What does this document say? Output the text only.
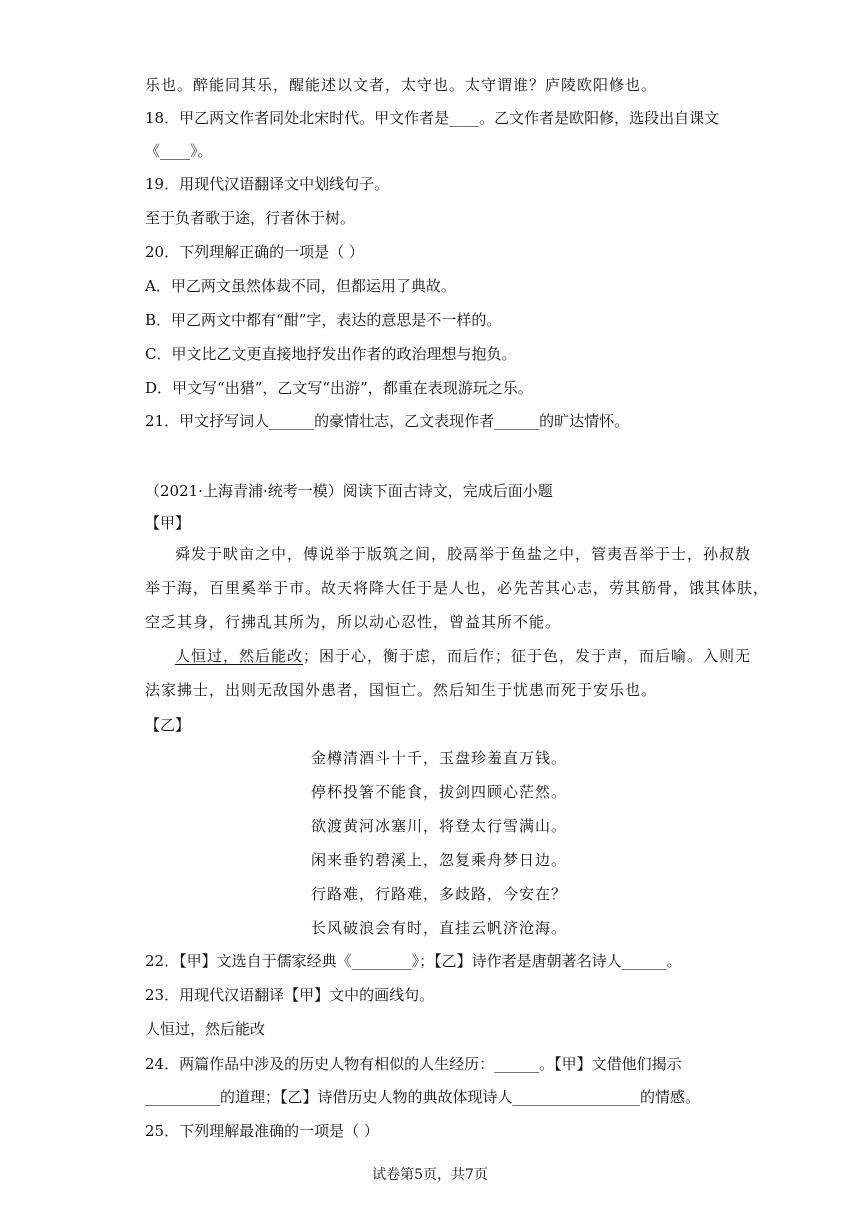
乐也。醉能同其乐，醒能述以文者，太守也。太守谓谁？庐陵欧阳修也。
18．甲乙两文作者同处北宋时代。甲文作者是____。乙文作者是欧阳修，选段出自课文
《____》。
19．用现代汉语翻译文中划线句子。
至于负者歌于途，行者休于树。
20．下列理解正确的一项是（ ）
A．甲乙两文虽然体裁不同，但都运用了典故。
B．甲乙两文中都有“酣”字，表达的意思是不一样的。
C．甲文比乙文更直接地抒发出作者的政治理想与抱负。
D．甲文写“出猎”，乙文写“出游”，都重在表现游玩之乐。
21．甲文抒写词人______的豪情壮志，乙文表现作者______的旷达情怀。
（2021·上海青浦·统考一模）阅读下面古诗文，完成后面小题
【甲】
舜发于畎亩之中，傅说举于版筑之间，胶鬲举于鱼盐之中，管夷吾举于士，孙叔敖
举于海，百里奚举于市。故天将降大任于是人也，必先苦其心志，劳其筋骨，饿其体肤，
空乏其身，行拂乱其所为，所以动心忍性，曾益其所不能。
人恒过，然后能改；困于心，衡于虑，而后作；征于色，发于声，而后喻。入则无
法家拂士，出则无敌国外患者，国恒亡。然后知生于忧患而死于安乐也。
【乙】
金樽清酒斗十千，玉盘珍羞直万钱。
停杯投箸不能食，拔剑四顾心茫然。
欲渡黄河冰塞川，将登太行雪满山。
闲来垂钓碧溪上，忽复乘舟梦日边。
行路难，行路难，多歧路，今安在？
长风破浪会有时，直挂云帆济沧海。
22．【甲】文选自于儒家经典《________》；【乙】诗作者是唐朝著名诗人______。
23．用现代汉语翻译【甲】文中的画线句。
人恒过，然后能改
24．两篇作品中涉及的历史人物有相似的人生经历：______。【甲】文借他们揭示
__________的道理；【乙】诗借历史人物的典故体现诗人_________________的情感。
25．下列理解最准确的一项是（ ）
试卷第5页，共7页
